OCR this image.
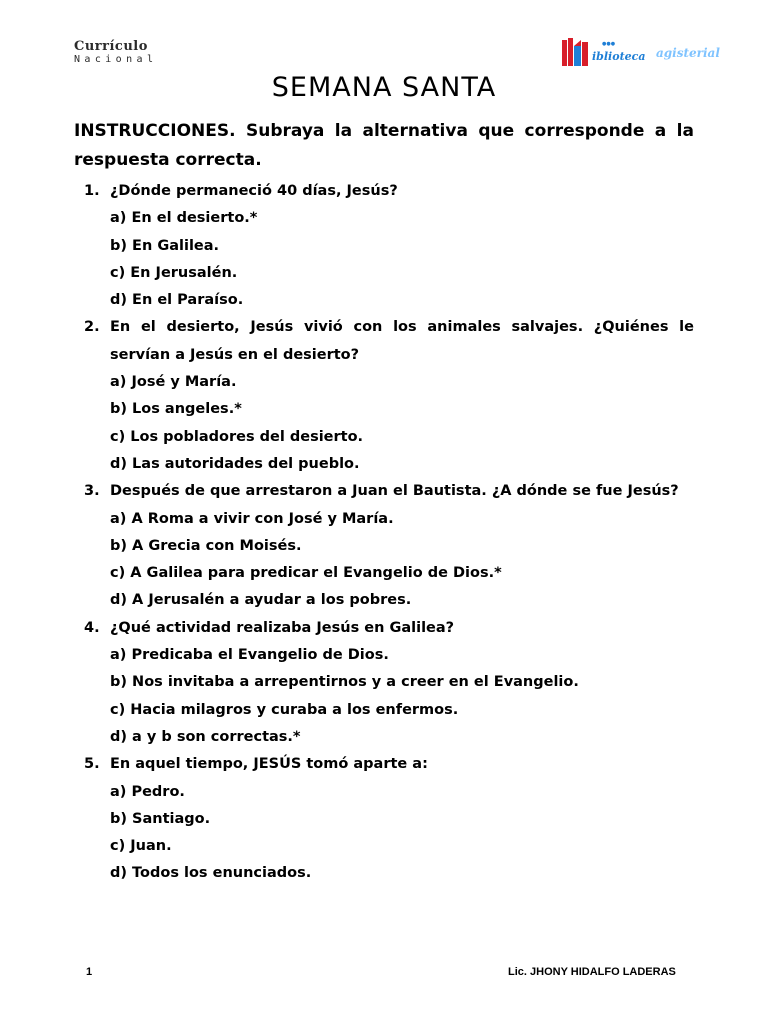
Currículo
Nacional
●●●
iblioteca agisterial
SEMANA SANTA

INSTRUCCIONES. Subraya la alternativa que corresponde a la respuesta correcta.

1. ¿Dónde permaneció 40 días, Jesús?
a) En el desierto.*
b) En Galilea.
c) En Jerusalén.
d) En el Paraíso.
2. En el desierto, Jesús vivió con los animales salvajes. ¿Quiénes le servían a Jesús en el desierto?
a) José y María.
b) Los angeles.*
c) Los pobladores del desierto.
d) Las autoridades del pueblo.
3. Después de que arrestaron a Juan el Bautista. ¿A dónde se fue Jesús?
a) A Roma a vivir con José y María.
b) A Grecia con Moisés.
c) A Galilea para predicar el Evangelio de Dios.*
d) A Jerusalén a ayudar a los pobres.
4. ¿Qué actividad realizaba Jesús en Galilea?
a) Predicaba el Evangelio de Dios.
b) Nos invitaba a arrepentirnos y a creer en el Evangelio.
c) Hacia milagros y curaba a los enfermos.
d) a y b son correctas.*
5. En aquel tiempo, JESÚS tomó aparte a:
a) Pedro.
b) Santiago.
c) Juan.
d) Todos los enunciados.
1	Lic. JHONY HIDALFO LADERAS
